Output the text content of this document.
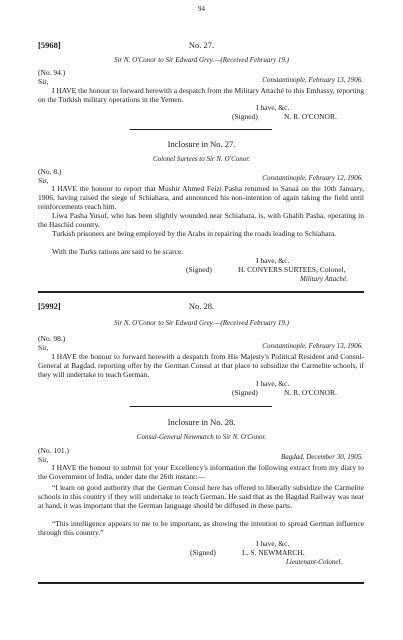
94
[5968]	No. 27.
Sir N. O'Conor to Sir Edward Grey.—(Received February 19.)
(No. 94.)
Sir,	Constantinople, February 13, 1906.
I HAVE the honour to forward herewith a despatch from the Military Attaché to this Embassy, reporting on the Turkish military operations in the Yemen.
I have, &c.
(Signed)	N. R. O'CONOR.
Inclosure in No. 27.
Colonel Surtees to Sir N. O'Conor.
(No. 8.)
Sir,	Constantinople, February 12, 1906.
I HAVE the honour to report that Mushir Ahmed Feizi Pasha returned to Sanaá on the 10th January, 1906, having raised the siege of Schiahara, and announced his non-intention of again taking the field until reinforcements reach him.
Liwa Pasha Yusuf, who has been slightly wounded near Schiahara, is, with Ghalib Pasha, operating in the Haschid country.
Turkish prisoners are being employed by the Arabs in repairing the roads leading to Schiahara.
With the Turks rations are said to be scarce.
I have, &c.
(Signed)	H. CONYERS SURTEES, Colonel,
Military Attaché.
[5992]	No. 28.
Sir N. O'Conor to Sir Edward Grey.—(Received February 19.)
(No. 98.)
Sir,	Constantinople, February 13, 1906.
I HAVE the honour to forward herewith a despatch from His Majesty's Political Resident and Consul-General at Bagdad, reporting offer by the German Consul at that place to subsidize the Carmelite schools, if they will undertake to teach German.
I have, &c.
(Signed)	N. R. O'CONOR.
Inclosure in No. 28.
Consul-General Newmarch to Sir N. O'Conor.
(No. 101.)
Sir,	Bagdad, December 30, 1905.
I HAVE the honour to submit for your Excellency's information the following extract from my diary to the Government of India, under date the 26th instant:—
“I learn on good authority that the German Consul here has offered to liberally subsidize the Carmelite schools in this country if they will undertake to teach German. He said that as the Bagdad Railway was near at hand, it was important that the German language should be diffused in these parts.
“This intelligence appears to me to be important, as showing the intention to spread German influence through this country.”
I have, &c.
(Signed)	L. S. NEWMARCH,
Lieutenant-Colonel.
